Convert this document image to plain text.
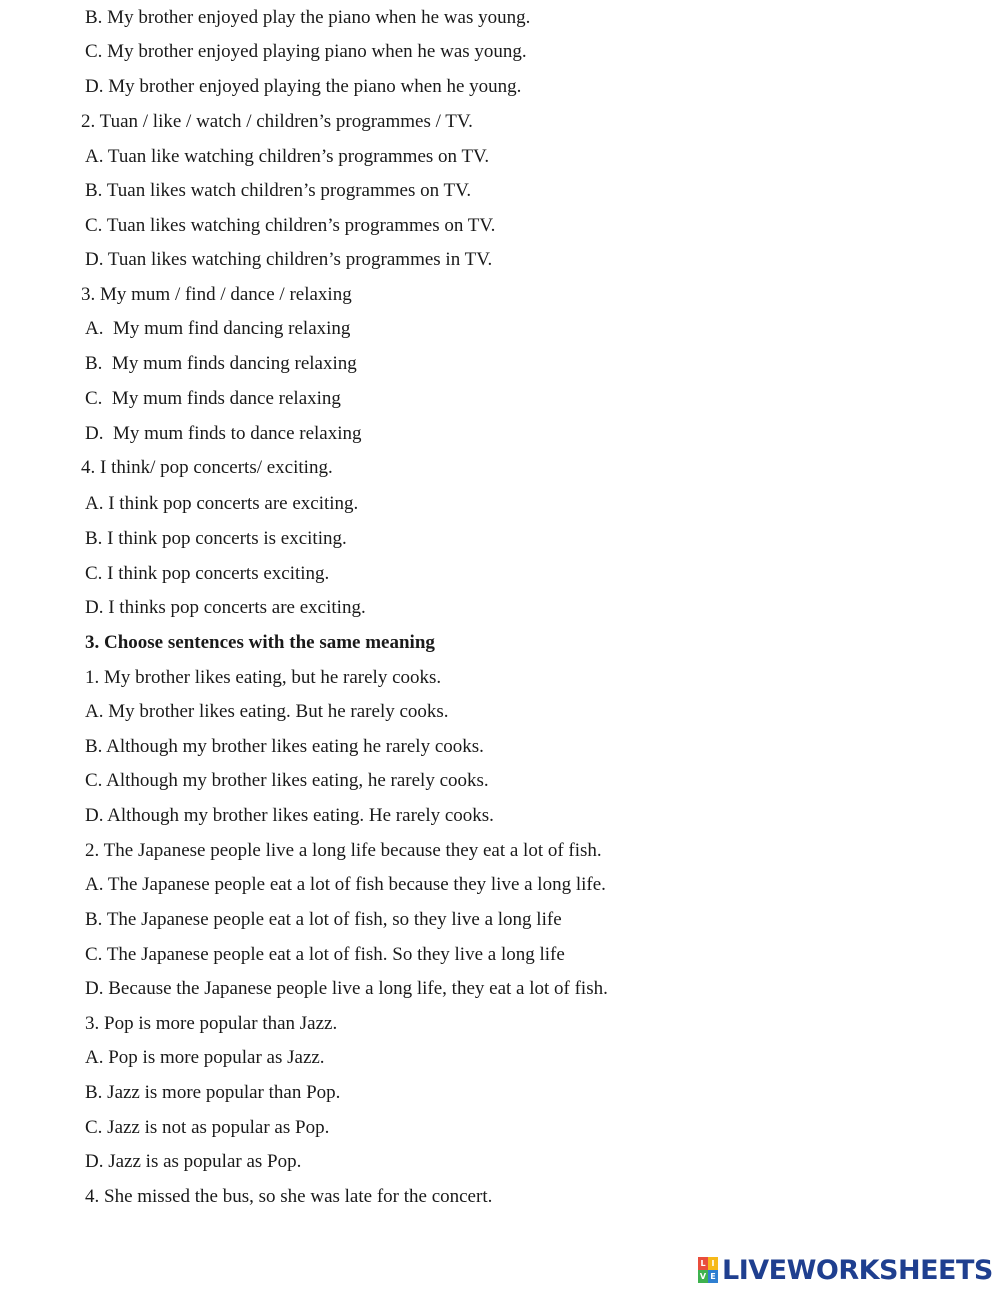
B. My brother enjoyed play the piano when he was young.
C. My brother enjoyed playing piano when he was young.
D. My brother enjoyed playing the piano when he young.
2. Tuan / like / watch / children’s programmes / TV.
A. Tuan like watching children’s programmes on TV.
B. Tuan likes watch children’s programmes on TV.
C. Tuan likes watching children’s programmes on TV.
D. Tuan likes watching children’s programmes in TV.
3. My mum / find / dance / relaxing
A.  My mum find dancing relaxing
B.  My mum finds dancing relaxing
C.  My mum finds dance relaxing
D.  My mum finds to dance relaxing
4. I think/ pop concerts/ exciting.
A. I think pop concerts are exciting.
B. I think pop concerts is exciting.
C. I think pop concerts exciting.
D. I thinks pop concerts are exciting.
3. Choose sentences with the same meaning
1. My brother likes eating, but he rarely cooks.
A. My brother likes eating. But he rarely cooks.
B. Although my brother likes eating he rarely cooks.
C. Although my brother likes eating, he rarely cooks.
D. Although my brother likes eating. He rarely cooks.
2. The Japanese people live a long life because they eat a lot of fish.
A. The Japanese people eat a lot of fish because they live a long life.
B. The Japanese people eat a lot of fish, so they live a long life
C. The Japanese people eat a lot of fish. So they live a long life
D. Because the Japanese people live a long life, they eat a lot of fish.
3. Pop is more popular than Jazz.
A. Pop is more popular as Jazz.
B. Jazz is more popular than Pop.
C. Jazz is not as popular as Pop.
D. Jazz is as popular as Pop.
4. She missed the bus, so she was late for the concert.
L I
V E LIVEWORKSHEETS
